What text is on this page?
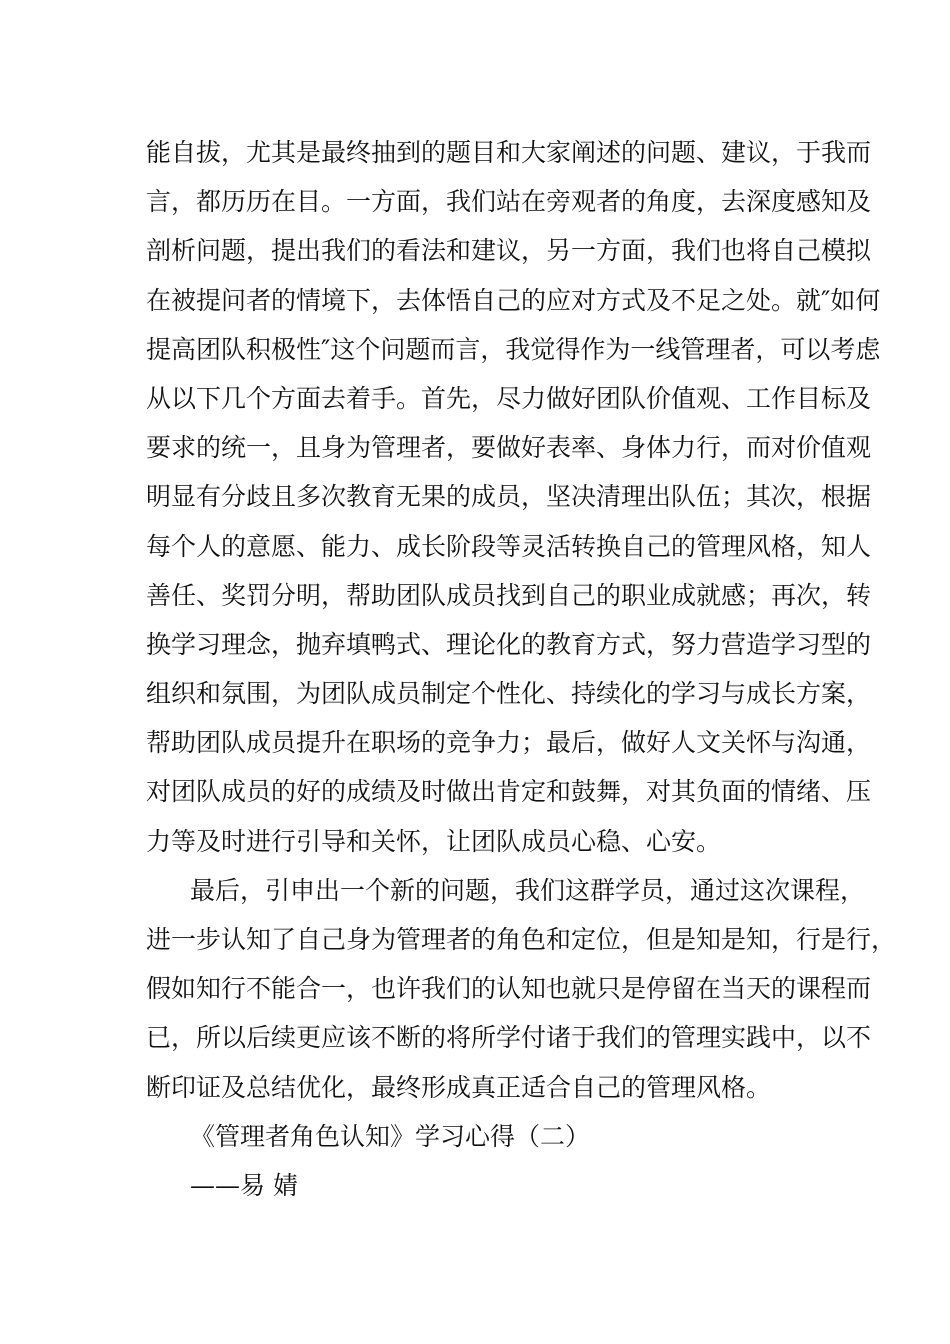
能自拔，尤其是最终抽到的题目和大家阐述的问题、建议，于我而
言，都历历在目。一方面，我们站在旁观者的角度，去深度感知及
剖析问题，提出我们的看法和建议，另一方面，我们也将自己模拟
在被提问者的情境下，去体悟自己的应对方式及不足之处。就″如何
提高团队积极性″这个问题而言，我觉得作为一线管理者，可以考虑
从以下几个方面去着手。首先，尽力做好团队价值观、工作目标及
要求的统一，且身为管理者，要做好表率、身体力行，而对价值观
明显有分歧且多次教育无果的成员，坚决清理出队伍；其次，根据
每个人的意愿、能力、成长阶段等灵活转换自己的管理风格，知人
善任、奖罚分明，帮助团队成员找到自己的职业成就感；再次，转
换学习理念，抛弃填鸭式、理论化的教育方式，努力营造学习型的
组织和氛围，为团队成员制定个性化、持续化的学习与成长方案，
帮助团队成员提升在职场的竞争力；最后，做好人文关怀与沟通，
对团队成员的好的成绩及时做出肯定和鼓舞，对其负面的情绪、压
力等及时进行引导和关怀，让团队成员心稳、心安。
最后，引申出一个新的问题，我们这群学员，通过这次课程，
进一步认知了自己身为管理者的角色和定位，但是知是知，行是行，
假如知行不能合一，也许我们的认知也就只是停留在当天的课程而
已，所以后续更应该不断的将所学付诸于我们的管理实践中，以不
断印证及总结优化，最终形成真正适合自己的管理风格。
《管理者角色认知》学习心得（二）
——易 婧
